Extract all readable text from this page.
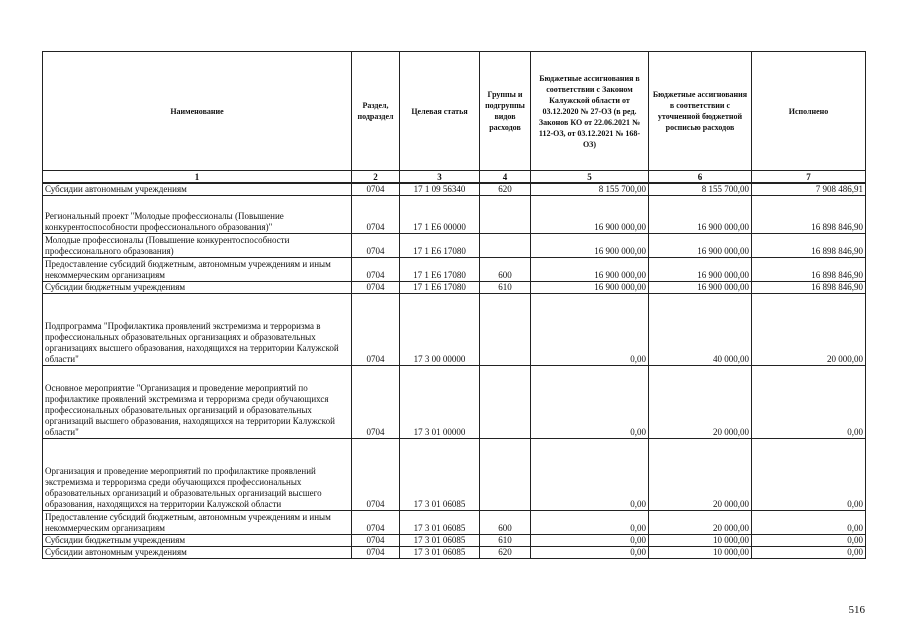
Наименование	Раздел, подраздел	Целевая статья	Группы и подгруппы видов расходов	Бюджетные ассигнования в соответствии с Законом Калужской области от 03.12.2020 № 27-ОЗ (в ред. Законов КО от 22.06.2021 № 112-ОЗ, от 03.12.2021 № 168-ОЗ)	Бюджетные ассигнования в соответствии с уточненной бюджетной росписью расходов	Исполнено
1	2	3	4	5	6	7
Субсидии автономным учреждениям	0704	17 1 09 56340	620	8 155 700,00	8 155 700,00	7 908 486,91
Региональный проект "Молодые профессионалы (Повышение конкурентоспособности профессионального образования)"	0704	17 1 Е6 00000		16 900 000,00	16 900 000,00	16 898 846,90
Молодые профессионалы (Повышение конкурентоспособности профессионального образования)	0704	17 1 Е6 17080		16 900 000,00	16 900 000,00	16 898 846,90
Предоставление субсидий бюджетным, автономным учреждениям и иным некоммерческим организациям	0704	17 1 Е6 17080	600	16 900 000,00	16 900 000,00	16 898 846,90
Субсидии бюджетным учреждениям	0704	17 1 Е6 17080	610	16 900 000,00	16 900 000,00	16 898 846,90
Подпрограмма "Профилактика проявлений экстремизма и терроризма в профессиональных образовательных организациях и образовательных организациях высшего образования, находящихся на территории Калужской области"	0704	17 3 00 00000		0,00	40 000,00	20 000,00
Основное мероприятие "Организация и проведение мероприятий по профилактике проявлений экстремизма и терроризма среди обучающихся профессиональных образовательных организаций и образовательных организаций высшего образования, находящихся на территории Калужской области"	0704	17 3 01 00000		0,00	20 000,00	0,00
Организация и проведение мероприятий по профилактике проявлений экстремизма и терроризма среди обучающихся профессиональных образовательных организаций и образовательных организаций высшего образования, находящихся на территории Калужской области	0704	17 3 01 06085		0,00	20 000,00	0,00
Предоставление субсидий бюджетным, автономным учреждениям и иным некоммерческим организациям	0704	17 3 01 06085	600	0,00	20 000,00	0,00
Субсидии бюджетным учреждениям	0704	17 3 01 06085	610	0,00	10 000,00	0,00
Субсидии автономным учреждениям	0704	17 3 01 06085	620	0,00	10 000,00	0,00
516
